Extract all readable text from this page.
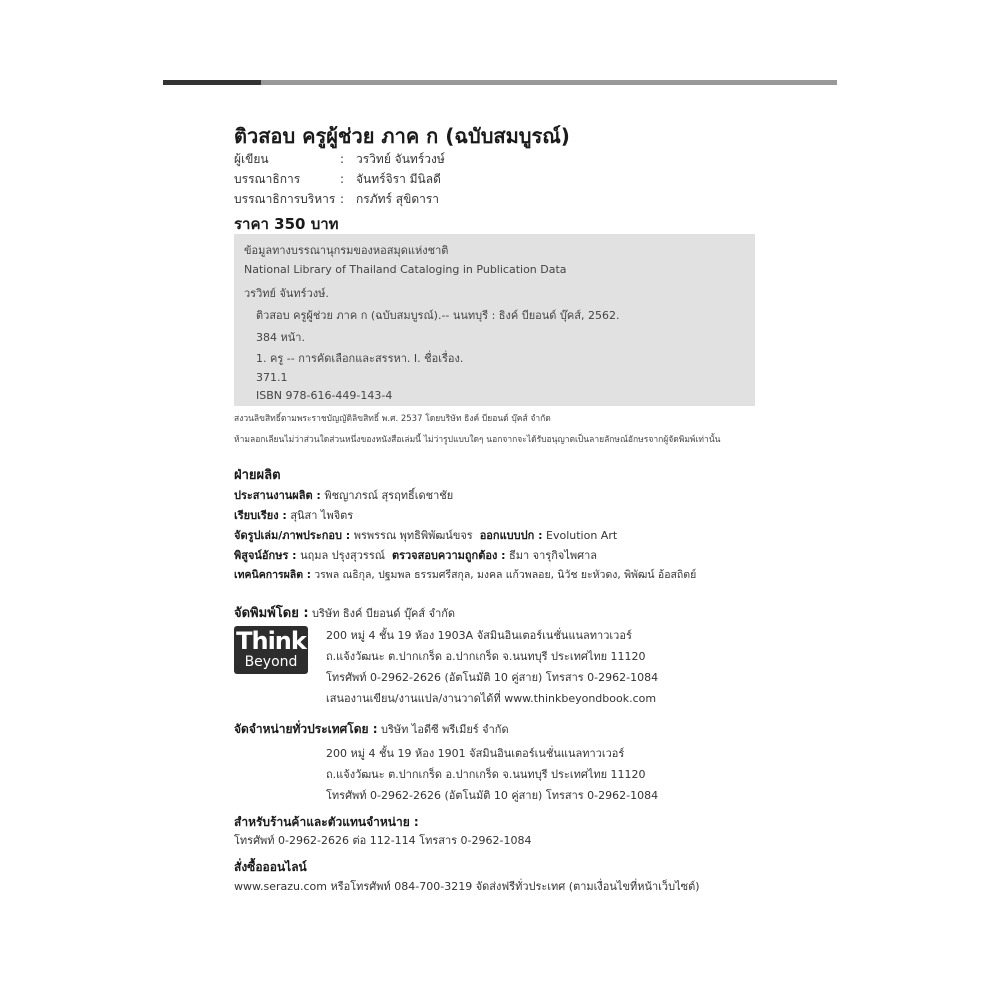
ติวสอบ ครูผู้ช่วย ภาค ก (ฉบับสมบูรณ์)
ผู้เขียน	: วรวิทย์ จันทร์วงษ์
บรรณาธิการ	: จันทร์จิรา มีนิลดี
บรรณาธิการบริหาร : กรภัทร์ สุขิดารา
ราคา 350 บาท
ข้อมูลทางบรรณานุกรมของหอสมุดแห่งชาติ
National Library of Thailand Cataloging in Publication Data
วรวิทย์ จันทร์วงษ์.
ติวสอบ ครูผู้ช่วย ภาค ก (ฉบับสมบูรณ์).-- นนทบุรี : ธิงค์ บียอนด์ บุ๊คส์, 2562.
384 หน้า.
1. ครู -- การคัดเลือกและสรรหา. I. ชื่อเรื่อง.
371.1
ISBN 978-616-449-143-4
สงวนลิขสิทธิ์ตามพระราชบัญญัติลิขสิทธิ์ พ.ศ. 2537 โดยบริษัท ธิงค์ บียอนด์ บุ๊คส์ จำกัด
ห้ามลอกเลียนไม่ว่าส่วนใดส่วนหนึ่งของหนังสือเล่มนี้ ไม่ว่ารูปแบบใดๆ นอกจากจะได้รับอนุญาตเป็นลายลักษณ์อักษรจากผู้จัดพิมพ์เท่านั้น
ฝ่ายผลิต
ประสานงานผลิต : พิชญาภรณ์ สุรฤทธิ์เดชาชัย
เรียบเรียง : สุนิสา ไพจิตร
จัดรูปเล่ม/ภาพประกอบ : พรพรรณ พุทธิพิพัฒน์ขจร ออกแบบปก : Evolution Art
พิสูจน์อักษร : นฤมล ปรุงสุวรรณ์ ตรวจสอบความถูกต้อง : ธีมา จารุกิจไพศาล
เทคนิคการผลิต : วรพล ณธิกุล, ปฐมพล ธรรมศรีสกุล, มงคล แก้วพลอย, นิวัช ยะหัวดง, พิพัฒน์ อ้อสถิตย์
จัดพิมพ์โดย : บริษัท ธิงค์ บียอนด์ บุ๊คส์ จำกัด
Think
Beyond
200 หมู่ 4 ชั้น 19 ห้อง 1903A จัสมินอินเตอร์เนชั่นแนลทาวเวอร์
ถ.แจ้งวัฒนะ ต.ปากเกร็ด อ.ปากเกร็ด จ.นนทบุรี ประเทศไทย 11120
โทรศัพท์ 0-2962-2626 (อัตโนมัติ 10 คู่สาย) โทรสาร 0-2962-1084
เสนองานเขียน/งานแปล/งานวาดได้ที่ www.thinkbeyondbook.com
จัดจำหน่ายทั่วประเทศโดย : บริษัท ไอดีซี พรีเมียร์ จำกัด
200 หมู่ 4 ชั้น 19 ห้อง 1901 จัสมินอินเตอร์เนชั่นแนลทาวเวอร์
ถ.แจ้งวัฒนะ ต.ปากเกร็ด อ.ปากเกร็ด จ.นนทบุรี ประเทศไทย 11120
โทรศัพท์ 0-2962-2626 (อัตโนมัติ 10 คู่สาย) โทรสาร 0-2962-1084
สำหรับร้านค้าและตัวแทนจำหน่าย :
โทรศัพท์ 0-2962-2626 ต่อ 112-114 โทรสาร 0-2962-1084
สั่งซื้อออนไลน์
www.serazu.com หรือโทรศัพท์ 084-700-3219 จัดส่งฟรีทั่วประเทศ (ตามเงื่อนไขที่หน้าเว็บไซต์)
